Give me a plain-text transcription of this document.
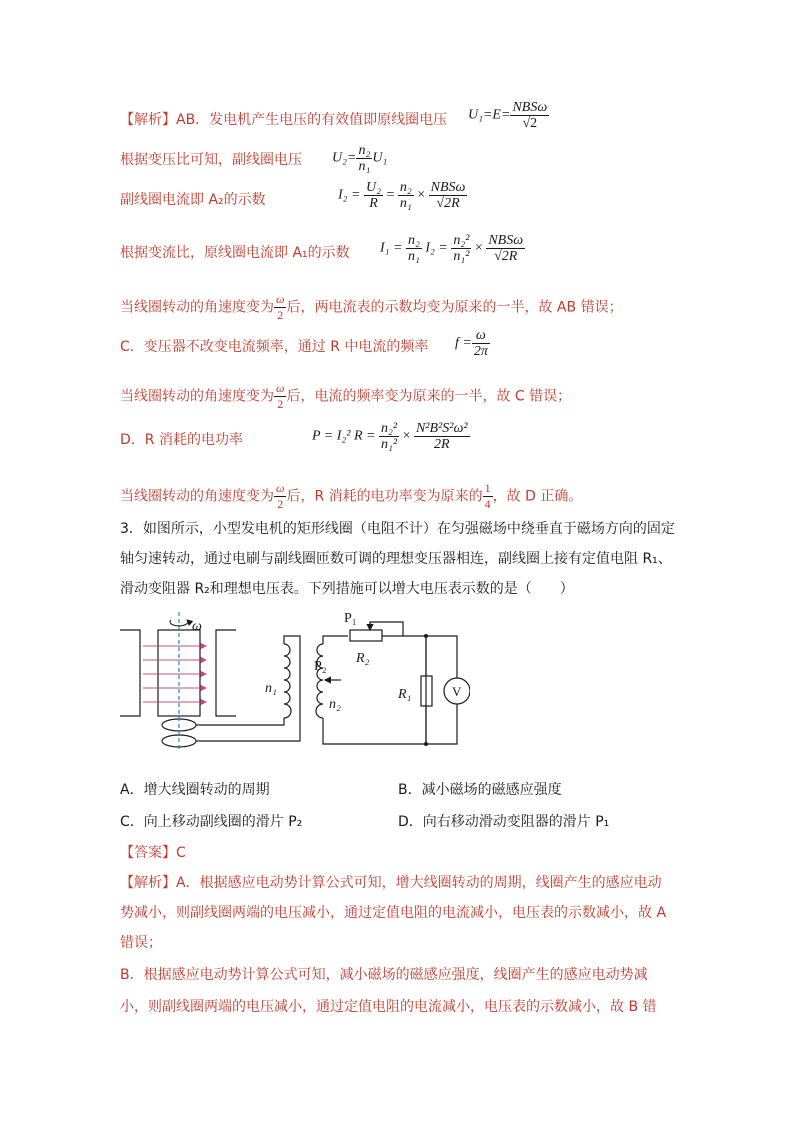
【解析】AB．发电机产生电压的有效值即原线圈电压 $U_1=E= \frac{\text{NBSω}}{√2}$
根据变压比可知，副线圈电压 $U_2= \frac{\text{n₂}}{\text{n₁}} U_1$
副线圈电流即 A₂的示数	$I_2 = \frac{\text{U₂}}{R} = \frac{\text{n₂}}{\text{n₁}} \times \frac{\text{NBSω}}{√2R}$
根据变流比，原线圈电流即 A₁的示数 $I_1 = \frac{\text{n₂}}{\text{n₁}} I_2 = \frac{\text{n₂²}}{\text{n₁²}} \times \frac{\text{NBSω}}{√2R}$
当线圈转动的角速度变为 $\frac{\omega}{2}$ 后，两电流表的示数均变为原来的一半，故 AB 错误；
C．变压器不改变电流频率，通过 R 中电流的频率 $f = \frac{\omega}{2\pi}$
当线圈转动的角速度变为 $\frac{\omega}{2}$ 后，电流的频率变为原来的一半，故 C 错误；
D．R 消耗的电功率	P = I₂² $R = \frac{\text{n₂²}}{\text{n₁²}} \times \frac{\text{N²B²S²ω²}}{2R}$
当线圈转动的角速度变为 $\frac{\omega}{2}$ 后，R 消耗的电功率变为原来的 $\frac{1}{4}$ ，故 D 正确。
3．如图所示，小型发电机的矩形线圈（电阻不计）在匀强磁场中绕垂直于磁场方向的固定
轴匀速转动，通过电刷与副线圈匝数可调的理想变压器相连，副线圈上接有定值电阻 R₁、
滑动变阻器 R₂和理想电压表。下列措施可以增大电压表示数的是（　　）
ω
n₁
n₂
P₂
P₁
R₂
R₁	V
A．增大线圈转动的周期	B．减小磁场的磁感应强度
C．向上移动副线圈的滑片 P₂	D．向右移动滑动变阻器的滑片 P₁
【答案】C
【解析】A．根据感应电动势计算公式可知，增大线圈转动的周期，线圈产生的感应电动
势减小，则副线圈两端的电压减小，通过定值电阻的电流减小，电压表的示数减小，故 A
错误；
B．根据感应电动势计算公式可知，减小磁场的磁感应强度，线圈产生的感应电动势减
小，则副线圈两端的电压减小，通过定值电阻的电流减小，电压表的示数减小，故 B 错
